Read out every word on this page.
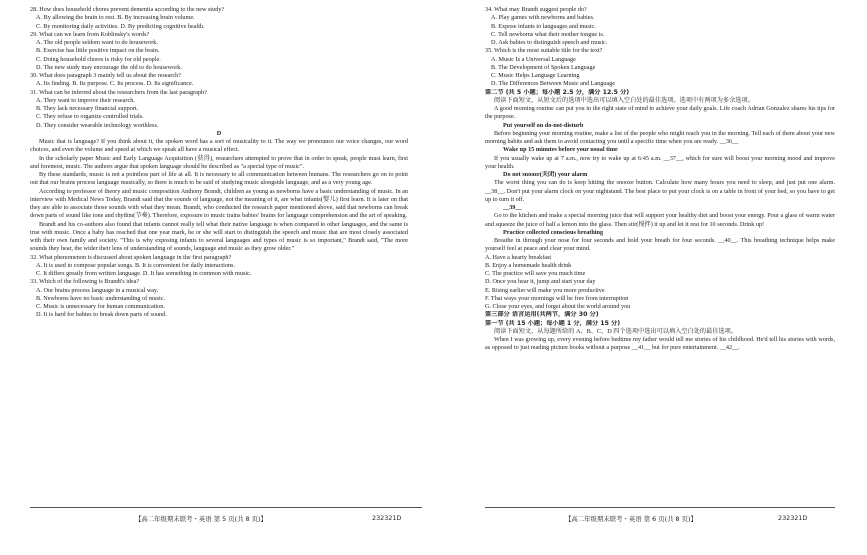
28. How does household chores prevent dementia according to the new study?
A. By allowing the brain to rest. B. By increasing brain volume.
C. By monitoring daily activities. D. By predicting cognitive health.
29. What can we learn from Koblinsky's words?
A. The old people seldom want to do housework.
B. Exercise has little positive impact on the brain.
C. Doing household chores is risky for old people.
D. The new study may encourage the old to do housework.
30. What does paragraph 3 mainly tell us about the research?
A. Its finding. B. Its purpose. C. Its process. D. Its significance.
31. What can be inferred about the researchers from the last paragraph?
A. They want to improve their research.
B. They lack necessary financial support.
C. They refuse to organize controlled trials.
D. They consider wearable technology worthless.
D
Music that is language? If you think about it, the spoken word has a sort of musicality to it. The way we pronounce our voice changes, our word choices, and even the volume and speed at which we speak all have a musical effect.
In the scholarly paper Music and Early Language Acquisition (获得), researchers attempted to prove that in order to speak, people must learn, first and foremost, music. The authors argue that spoken language should be described as "a special type of music".
By these standards, music is not a pointless part of life at all. It is necessary to all communication between humans. The researchers go on to point out that our brains process language musically, so there is much to be said of studying music alongside language, and as a very young age.
According to professor of theory and music composition Anthony Brandt, children as young as newborns have a basic understanding of music. In an interview with Medical News Today, Brandt said that the sounds of language, not the meaning of it, are what infants(婴儿) first learn. It is later on that they are able to associate those sounds with what they mean. Brandt, who conducted the research paper mentioned above, said that newborns can break down parts of sound like tone and rhythm(节奏). Therefore, exposure to music trains babies' brains for language comprehension and the art of speaking.
Brandt and his co-authors also found that infants cannot really tell what their native language is when compared to other languages, and the same is true with music. Once a baby has reached that one year mark, he or she will start to distinguish the speech and music that are most closely associated with their own family and society. "This is why exposing infants to several languages and types of music is so important," Brandt said, "The more sounds they hear, the wider their lens of understanding of sounds, language and music as they grow older."
32. What phenomenon is discussed about spoken language in the first paragraph?
A. It is used to compose popular songs. B. It is convenient for daily interactions.
C. It differs greatly from written language. D. It has something in common with music.
33. Which of the following is Brandt's idea?
A. Our brains process language in a musical way.
B. Newborns have no basic understanding of music.
C. Music is unnecessary for human communication.
D. It is hard for babies to break down parts of sound.
34. What may Brandt suggest people do?
A. Play games with newborns and babies.
B. Expose infants to languages and music.
C. Tell newborns what their mother tongue is.
D. Ask babies to distinguish speech and music.
35. Which is the most suitable title for the text?
A. Music Is a Universal Language
B. The Development of Spoken Language
C. Music Helps Language Learning
D. The Differences Between Music and Language
第二节 (共 5 小题；每小题 2.5 分，满分 12.5 分)
阅读下面短文，从短文后的选项中选出可以填入空白处的最佳选项。选项中有两项为多余选项。
A good morning routine can put you in the right state of mind to achieve your daily goals. Life coach Adrian Gonzalez shares his tips for the purpose.
Put yourself on do-not-disturb
Before beginning your morning routine, make a list of the people who might reach you in the morning. Tell each of them about your new morning habits and ask them to avoid contacting you until a specific time when you are ready. __36__
Wake up 15 minutes before your usual time
If you usually wake up at 7 a.m., now try to wake up at 6:45 a.m. __37__, which for sure will boost your morning mood and improve your health.
Do not snooze(关闭) your alarm
The worst thing you can do is keep hitting the snooze button. Calculate how many hours you need to sleep, and just put one alarm. __38__. Don't put your alarm clock on your nightstand. The best place to put your clock is on a table in front of your bed, so you have to get up to turn it off.
__39__
Go to the kitchen and make a special morning juice that will support your healthy diet and boost your energy. Pour a glass of warm water and squeeze the juice of half a lemon into the glass. Then stir(搅拌) it up and let it rest for 10 seconds. Drink up!
Practice collected conscious breathing
Breathe in through your nose for four seconds and hold your breath for four seconds. __40__. This breathing technique helps make yourself feel at peace and clear your mind.
A. Have a hearty breakfast
B. Enjoy a homemade health drink
C. The practice will save you much time
D. Once you hear it, jump and start your day
E. Rising earlier will make you more productive
F. That ways your mornings will be free from interruption
G. Close your eyes, and forget about the world around you
第三部分 语言运用(共两节，满分 30 分)
第一节 (共 15 小题；每小题 1 分，满分 15 分)
阅读下面短文，从每题所给的 A、B、C、D 四个选项中选出可以填入空白处的最佳选项。
When I was growing up, every evening before bedtime my father would tell me stories of his childhood. He'd tell his stories with words, as opposed to just reading picture books without a purpose __41__ but for pure entertainment. __42__.
【高二年级期末联考・英语 第 5 页(共 8 页)】	232321D	【高二年级期末联考・英语 第 6 页(共 8 页)】	232321D
